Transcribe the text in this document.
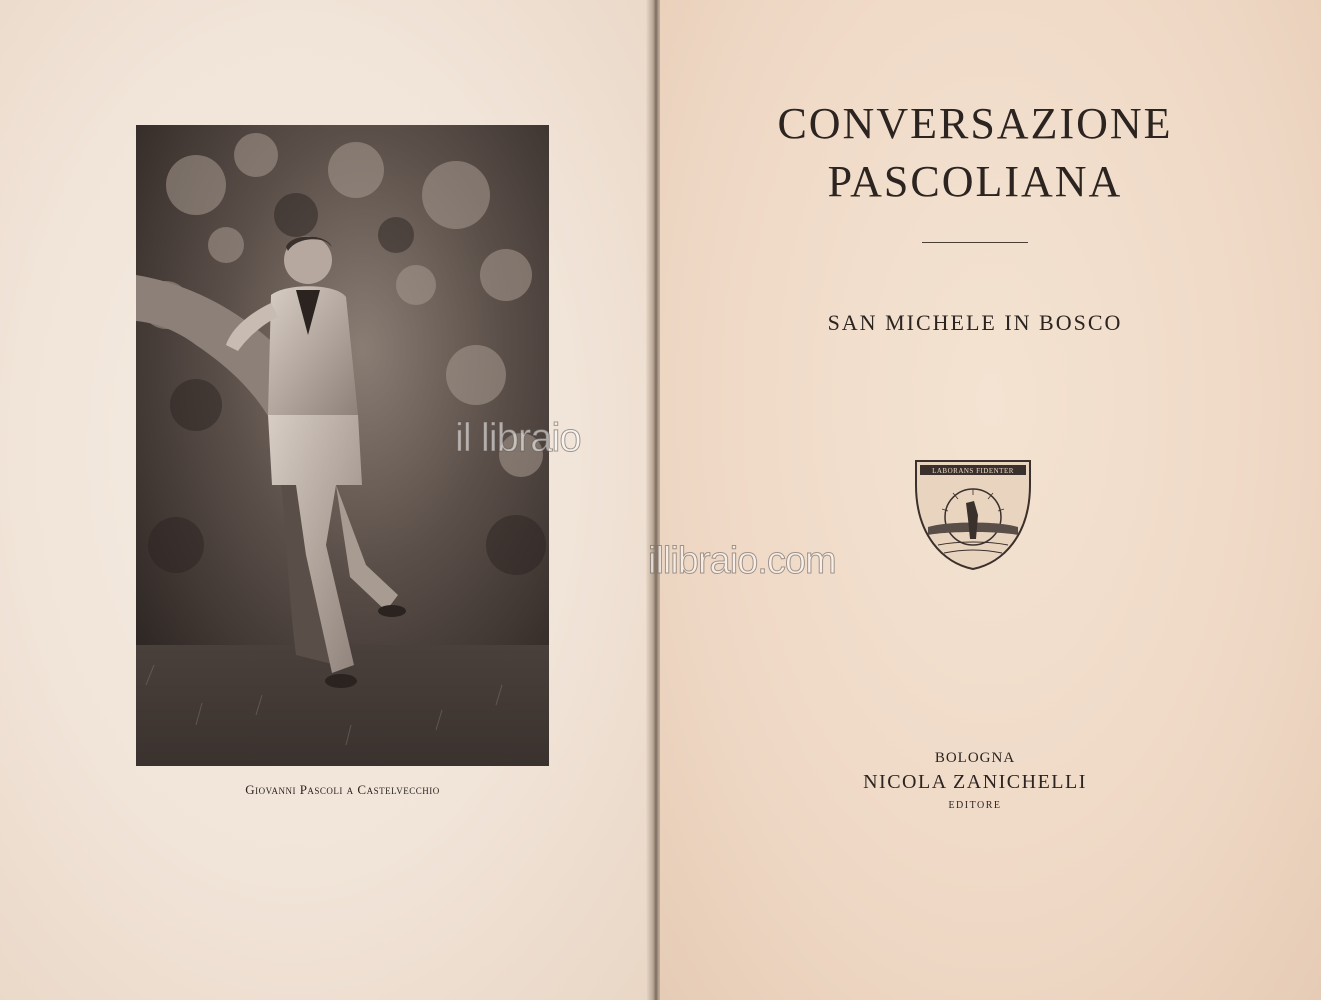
Giovanni Pascoli a Castelvecchio
CONVERSAZIONE
PASCOLIANA
SAN MICHELE IN BOSCO
LABORANS FIDENTER
BOLOGNA
NICOLA ZANICHELLI
EDITORE
il libraio
illibraio.com
